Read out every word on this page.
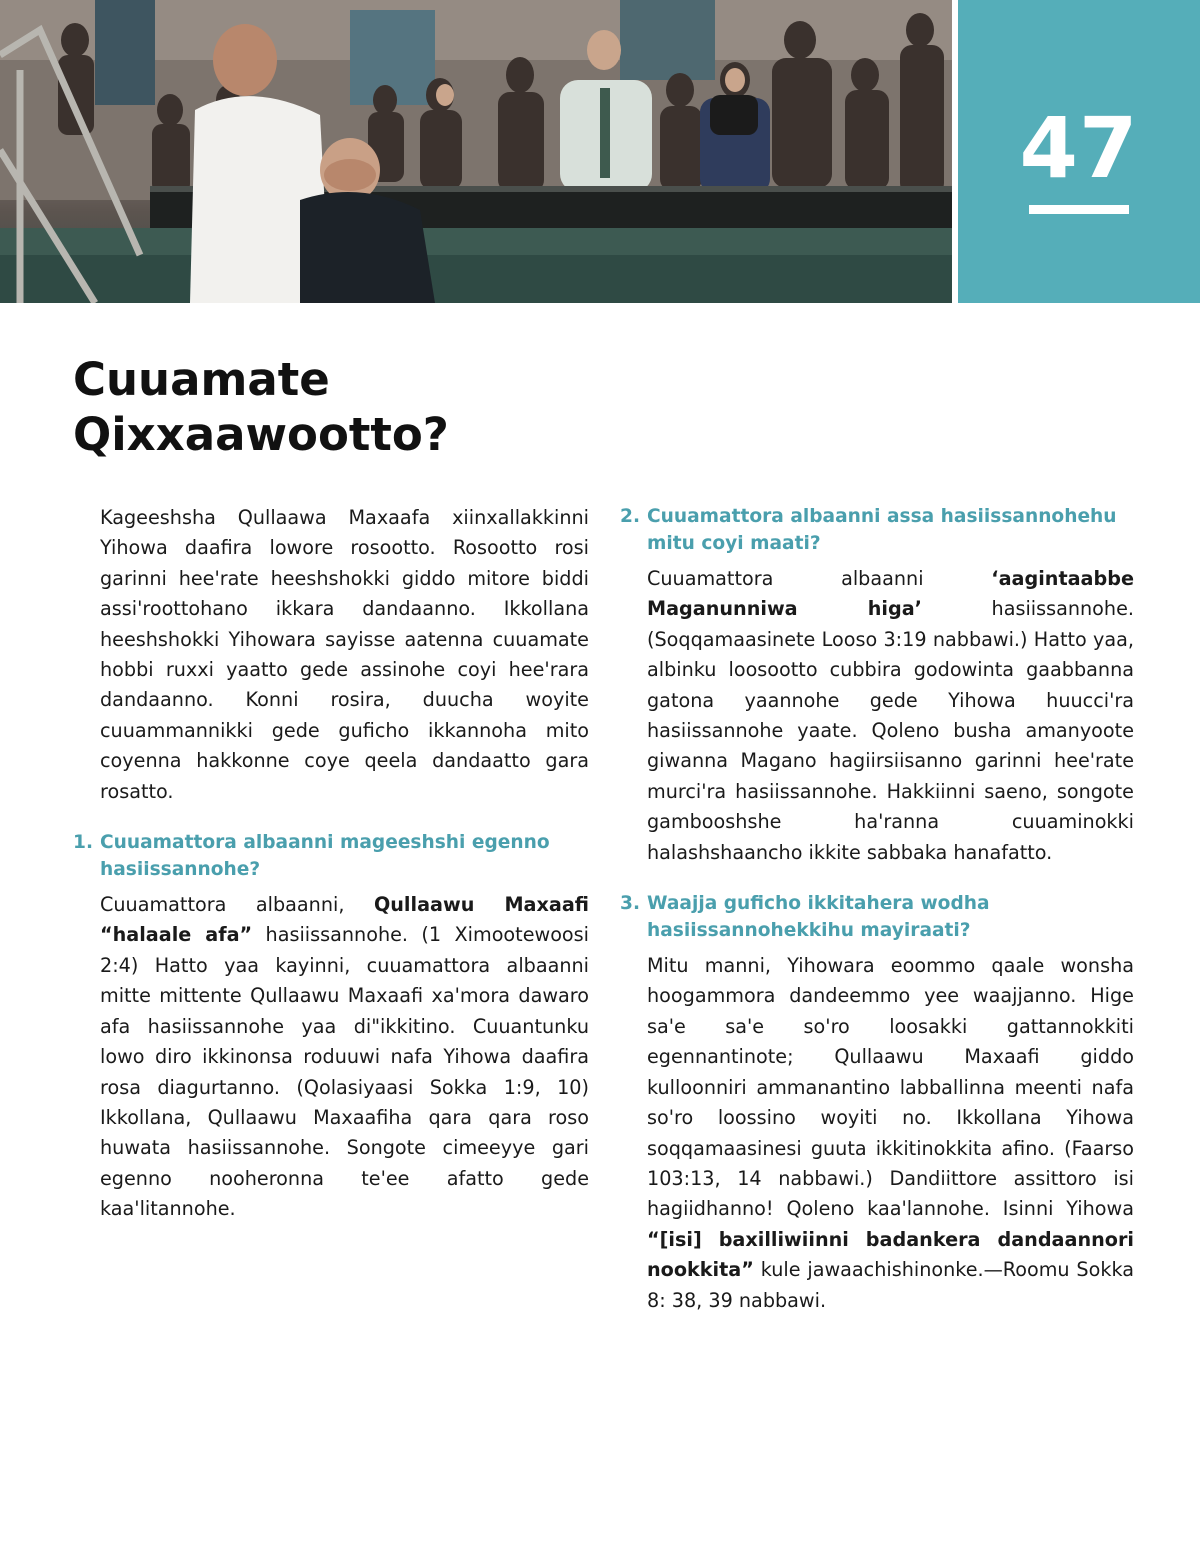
47
Cuuamate
Qixxaawootto?

Kageeshsha Qullaawa Maxaafa xiinxallakkinni Yihowa daafira lowore rosootto. Rosootto rosi garinni hee'rate heeshshokki giddo mitore biddi assi'roottohano ikkara dandaanno. Ikkollana heeshshokki Yihowara sayisse aatenna cuuamate hobbi ruxxi yaatto gede assinohe coyi hee'rara dandaanno. Konni rosira, duucha woyite cuuammannikki gede guficho ikkannoha mito coyenna hakkonne coye qeela dandaatto gara rosatto.

1. Cuuamattora albaanni mageeshshi egenno hasiissannohe?

Cuuamattora albaanni, Qullaawu Maxaafi “halaale afa” hasiissannohe. (1 Ximootewoosi 2:4) Hatto yaa kayinni, cuuamattora albaanni mitte mittente Qullaawu Maxaafi xa'mora dawaro afa hasiissannohe yaa di"ikkitino. Cuuantunku lowo diro ikkinonsa roduuwi nafa Yihowa daafira rosa diagurtanno. (Qolasiyaasi Sokka 1:9, 10) Ikkollana, Qullaawu Maxaafiha qara qara roso huwata hasiissannohe. Songote cimeeyye gari egenno nooheronna te'ee afatto gede kaa'litannohe.

2. Cuuamattora albaanni assa hasiissannohehu mitu coyi maati?

Cuuamattora albaanni ‘aagintaabbe Maganunniwa higa’ hasiissannohe. (Soqqamaasinete Looso 3:19 nabbawi.) Hatto yaa, albinku loosootto cubbira godowinta gaabbanna gatona yaannohe gede Yihowa huucci'ra hasiissannohe yaate. Qoleno busha amanyoote giwanna Magano hagiirsiisanno garinni hee'rate murci'ra hasiissannohe. Hakkiinni saeno, songote gambooshshe ha'ranna cuuaminokki halashshaancho ikkite sabbaka hanafatto.

3. Waajja guficho ikkitahera wodha hasiissannohekkihu mayiraati?

Mitu manni, Yihowara eoommo qaale wonsha hoogammora dandeemmo yee waajjanno. Hige sa'e sa'e so'ro loosakki gattannokkiti egennantinote; Qullaawu Maxaafi giddo kulloonniri ammanantino labballinna meenti nafa so'ro loossino woyiti no. Ikkollana Yihowa soqqamaasinesi guuta ikkitinokkita afino. (Faarso 103:13, 14 nabbawi.) Dandiittore assittoro isi hagiidhanno! Qoleno kaa'lannohe. Isinni Yihowa “[isi] baxilliwiinni badankera dandaannori nookkita” kule jawaachishinonke.—Roomu Sokka 8: 38, 39 nabbawi.
